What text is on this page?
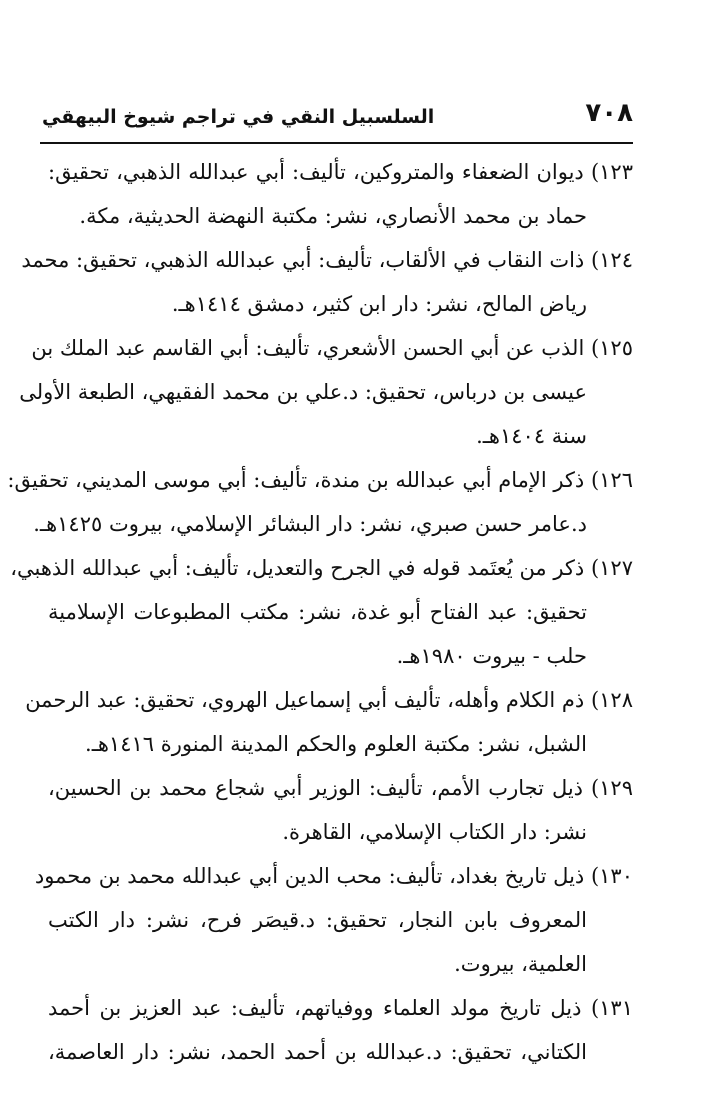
٧٠٨
السلسبيل النقي في تراجم شيوخ البيهقي
١٢٣) ديوان الضعفاء والمتروكين، تأليف: أبي عبدالله الذهبي، تحقيق:
حماد بن محمد الأنصاري، نشر: مكتبة النهضة الحديثية، مكة.
١٢٤) ذات النقاب في الألقاب، تأليف: أبي عبدالله الذهبي، تحقيق: محمد
رياض المالح، نشر: دار ابن كثير، دمشق ١٤١٤هـ.
١٢٥) الذب عن أبي الحسن الأشعري، تأليف: أبي القاسم عبد الملك بن
عيسى بن درباس، تحقيق: د.علي بن محمد الفقيهي، الطبعة الأولى
سنة ١٤٠٤هـ.
١٢٦) ذكر الإمام أبي عبدالله بن مندة، تأليف: أبي موسى المديني، تحقيق:
د.عامر حسن صبري، نشر: دار البشائر الإسلامي، بيروت ١٤٢٥هـ.
١٢٧) ذكر من يُعتَمد قوله في الجرح والتعديل، تأليف: أبي عبدالله الذهبي،
تحقيق: عبد الفتاح أبو غدة، نشر: مكتب المطبوعات الإسلامية
حلب - بيروت ١٩٨٠هـ.
١٢٨) ذم الكلام وأهله، تأليف أبي إسماعيل الهروي، تحقيق: عبد الرحمن
الشبل، نشر: مكتبة العلوم والحكم المدينة المنورة ١٤١٦هـ.
١٢٩) ذيل تجارب الأمم، تأليف: الوزير أبي شجاع محمد بن الحسين،
نشر: دار الكتاب الإسلامي، القاهرة.
١٣٠) ذيل تاريخ بغداد، تأليف: محب الدين أبي عبدالله محمد بن محمود
المعروف بابن النجار، تحقيق: د.قيصَر فرح، نشر: دار الكتب
العلمية، بيروت.
١٣١) ذيل تاريخ مولد العلماء ووفياتهم، تأليف: عبد العزيز بن أحمد
الكتاني، تحقيق: د.عبدالله بن أحمد الحمد، نشر: دار العاصمة،
